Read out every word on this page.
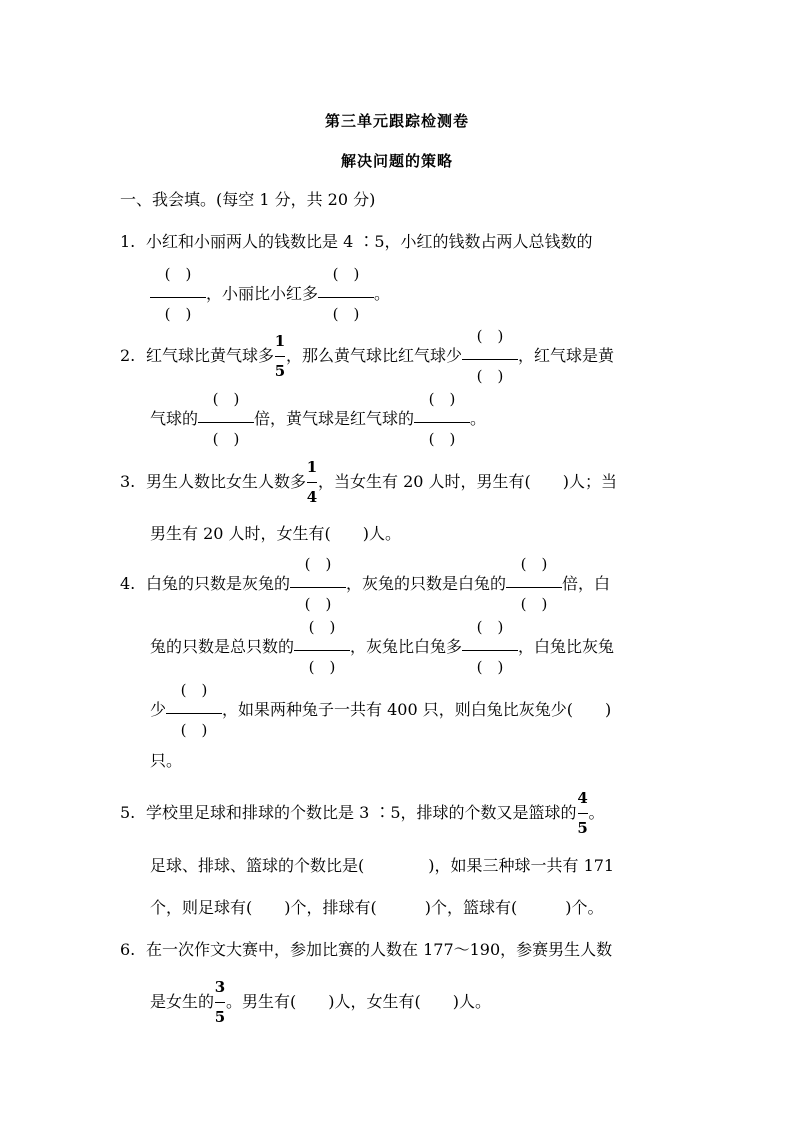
第三单元跟踪检测卷
解决问题的策略
一、我会填。(每空 1 分，共 20 分)
1. 小红和小丽两人的钱数比是 4 ∶5，小红的钱数占两人总钱数的
(　)
(　)
，小丽比小红多
(　)
(　)
。
2. 红气球比黄气球多 $\frac{1}{5}$ ，那么黄气球比红气球少
(　)
(　)
，红气球是黄
气球的
(　)
(　)
倍，黄气球是红气球的
(　)
(　)
。
3. 男生人数比女生人数多 $\frac{1}{4}$ ，当女生有 20 人时，男生有(　　)人；当
男生有 20 人时，女生有(　　)人。
4. 白兔的只数是灰兔的
(　)
(　)
，灰兔的只数是白兔的
(　)
(　)
倍，白
兔的只数是总只数的
(　)
(　)
，灰兔比白兔多
(　)
(　)
，白兔比灰兔
少
(　)
(　)
，如果两种兔子一共有 400 只，则白兔比灰兔少(　　)
只。
5. 学校里足球和排球的个数比是 3 ∶5，排球的个数又是篮球的 $\frac{4}{5}$ 。
足球、排球、篮球的个数比是(　　　　)，如果三种球一共有 171
个，则足球有(　　)个，排球有(　　　)个，篮球有(　　　)个。
6. 在一次作文大赛中，参加比赛的人数在 177～190，参赛男生人数
是女生的 $\frac{3}{5}$ 。男生有(　　)人，女生有(　　)人。
